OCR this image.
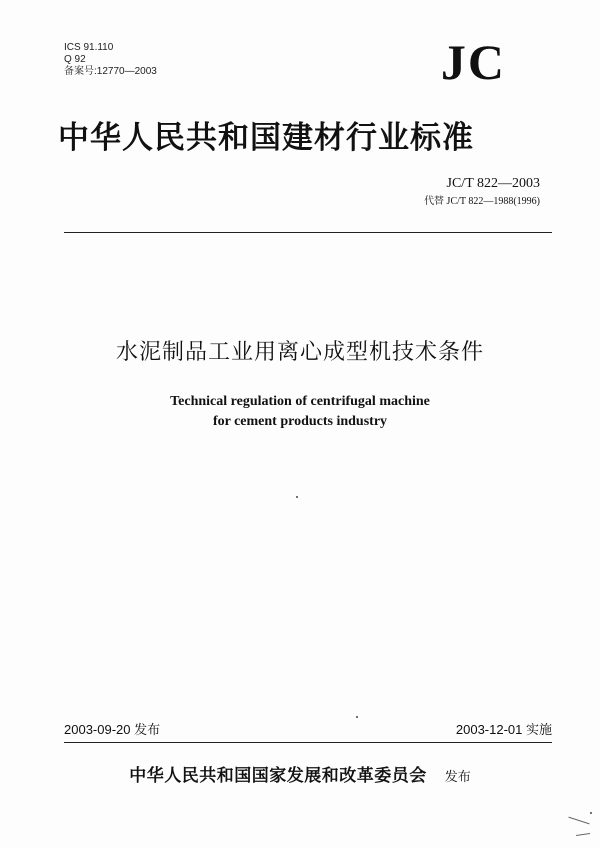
ICS 91.110
Q 92
备案号:12770—2003	JC
中华人民共和国建材行业标准
JC/T 822—2003
代替 JC/T 822—1988(1996)
水泥制品工业用离心成型机技术条件
Technical regulation of centrifugal machine
for cement products industry
2003-09-20 发布	2003-12-01 实施
中华人民共和国国家发展和改革委员会 发布
